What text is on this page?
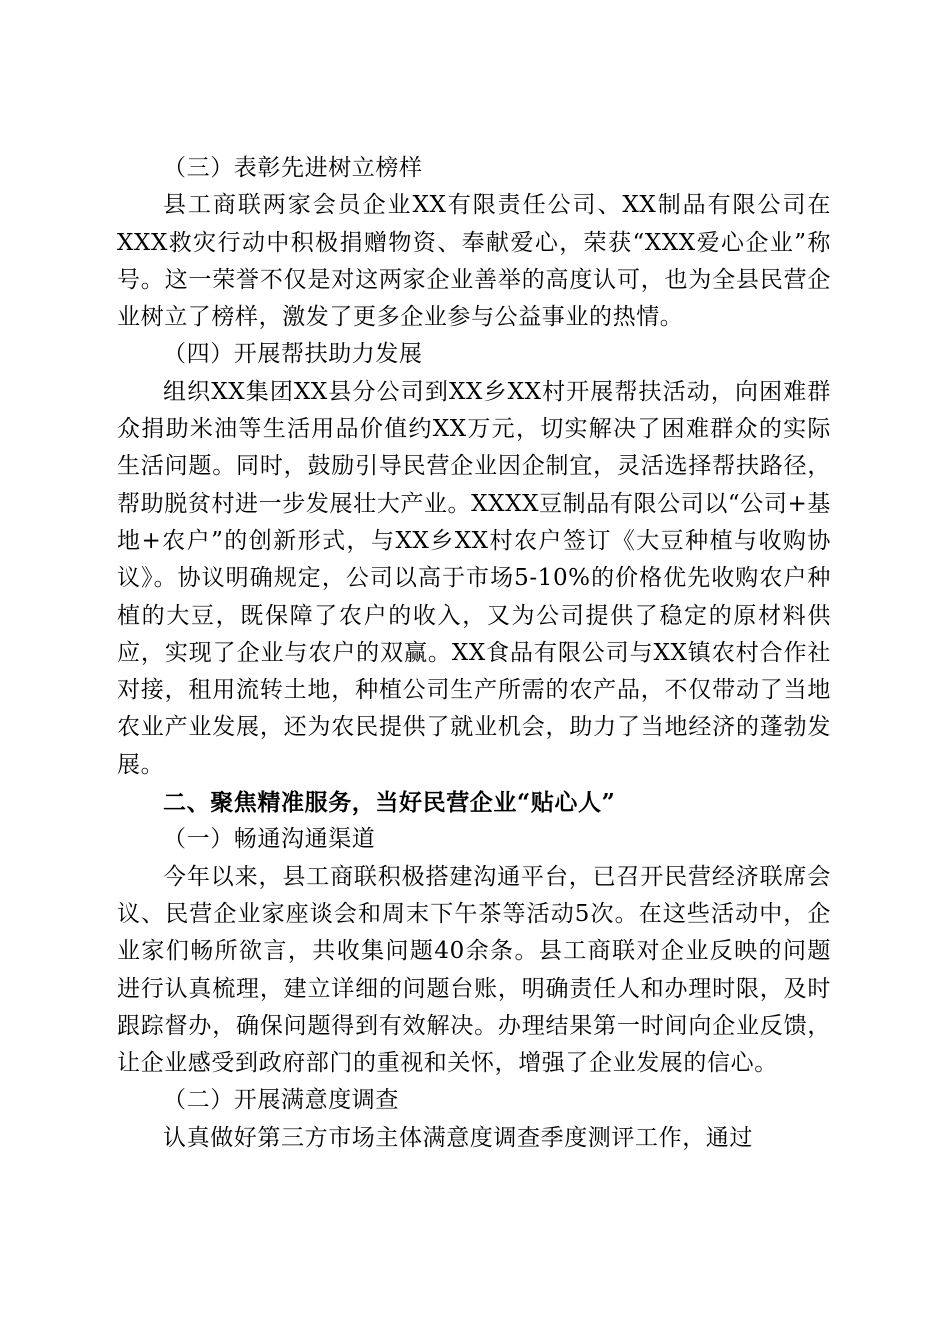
（三）表彰先进树立榜样

县工商联两家会员企业XX有限责任公司、XX制品有限公司在XXX救灾行动中积极捐赠物资、奉献爱心，荣获“XXX爱心企业”称号。这一荣誉不仅是对这两家企业善举的高度认可，也为全县民营企业树立了榜样，激发了更多企业参与公益事业的热情。

（四）开展帮扶助力发展

组织XX集团XX县分公司到XX乡XX村开展帮扶活动，向困难群众捐助米油等生活用品价值约XX万元，切实解决了困难群众的实际生活问题。同时，鼓励引导民营企业因企制宜，灵活选择帮扶路径，帮助脱贫村进一步发展壮大产业。XXXX豆制品有限公司以“公司+基地+农户”的创新形式，与XX乡XX村农户签订《大豆种植与收购协议》。协议明确规定，公司以高于市场5-10%的价格优先收购农户种植的大豆，既保障了农户的收入，又为公司提供了稳定的原材料供应，实现了企业与农户的双赢。XX食品有限公司与XX镇农村合作社对接，租用流转土地，种植公司生产所需的农产品，不仅带动了当地农业产业发展，还为农民提供了就业机会，助力了当地经济的蓬勃发展。

二、聚焦精准服务，当好民营企业“贴心人”

（一）畅通沟通渠道

今年以来，县工商联积极搭建沟通平台，已召开民营经济联席会议、民营企业家座谈会和周末下午茶等活动5次。在这些活动中，企业家们畅所欲言，共收集问题40余条。县工商联对企业反映的问题进行认真梳理，建立详细的问题台账，明确责任人和办理时限，及时跟踪督办，确保问题得到有效解决。办理结果第一时间向企业反馈，让企业感受到政府部门的重视和关怀，增强了企业发展的信心。

（二）开展满意度调查

认真做好第三方市场主体满意度调查季度测评工作，通过
